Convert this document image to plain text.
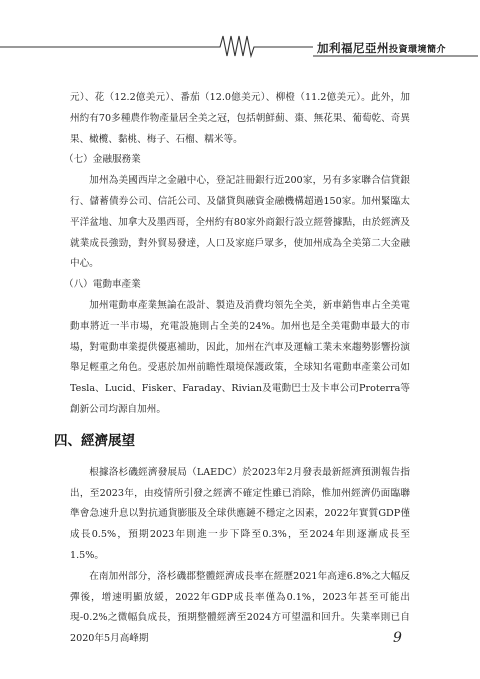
加利福尼亞州投資環境簡介

元）、花（12.2億美元）、番茄（12.0億美元）、柳橙（11.2億美元）。此外，加州約有70多種農作物產量居全美之冠，包括朝鮮薊、棗、無花果、葡萄乾、奇異果、橄欖、黏桃、梅子、石榴、糯米等。

（七）金融服務業

加州為美國西岸之金融中心，登記註冊銀行近200家，另有多家聯合信貸銀行、儲蓄債券公司、信託公司、及儲貸與融資金融機構超過150家。加州緊臨太平洋盆地、加拿大及墨西哥，全州約有80家外商銀行設立經營據點，由於經濟及就業成長強勁，對外貿易發達，人口及家庭戶眾多，使加州成為全美第二大金融中心。

（八）電動車產業

加州電動車產業無論在設計、製造及消費均領先全美，新車銷售車占全美電動車將近一半市場，充電設施則占全美的24%。加州也是全美電動車最大的市場，對電動車業提供優惠補助，因此，加州在汽車及運輸工業未來趨勢影響扮演舉足輕重之角色。受惠於加州前瞻性環境保護政策，全球知名電動車產業公司如Tesla、Lucid、Fisker、Faraday、Rivian及電動巴士及卡車公司Proterra等創新公司均源自加州。

四、經濟展望

根據洛杉磯經濟發展局（LAEDC）於2023年2月發表最新經濟預測報告指出，至2023年，由疫情所引發之經濟不確定性雖已消除，惟加州經濟仍面臨聯準會急速升息以對抗通貨膨脹及全球供應鏈不穩定之因素，2022年實質GDP僅成長0.5%，預期2023年則進一步下降至0.3%，至2024年則逐漸成長至1.5%。

在南加州部分，洛杉磯郡整體經濟成長率在經歷2021年高達6.8%之大幅反彈後，增速明顯放緩，2022年GDP成長率僅為0.1%，2023年甚至可能出現-0.2%之微幅負成長，預期整體經濟至2024方可望溫和回升。失業率則已自2020年5月高峰期	9
